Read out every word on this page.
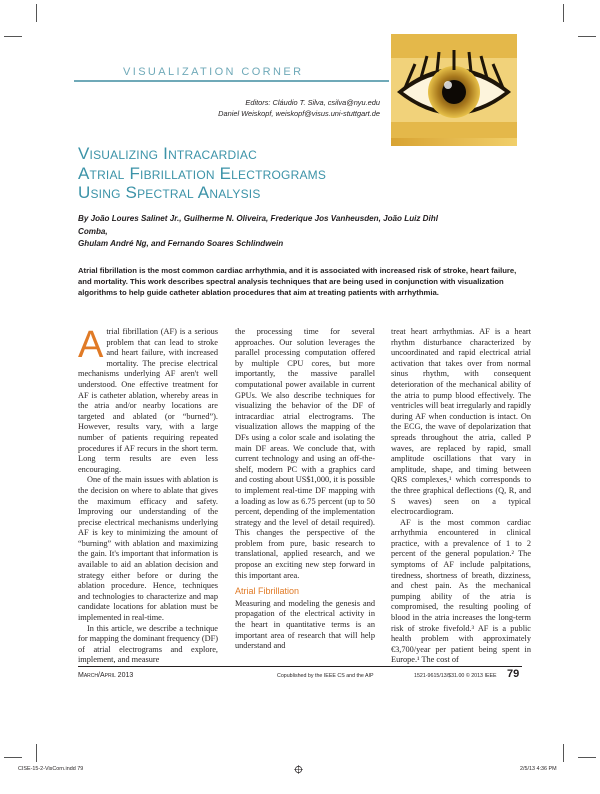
VISUALIZATION CORNER
Editors: Cláudio T. Silva, csilva@nyu.edu
Daniel Weiskopf, weiskopf@visus.uni-stuttgart.de
Visualizing Intracardiac
Atrial Fibrillation Electrograms
Using Spectral Analysis
By João Loures Salinet Jr., Guilherme N. Oliveira, Frederique Jos Vanheusden, João Luiz Dihl Comba,
Ghulam André Ng, and Fernando Soares Schlindwein
Atrial fibrillation is the most common cardiac arrhythmia, and it is associated with increased risk of stroke, heart failure, and mortality. This work describes spectral analysis techniques that are being used in conjunction with visualization algorithms to help guide catheter ablation procedures that aim at treating patients with arrhythmia.

Atrial fibrillation (AF) is a serious problem that can lead to stroke and heart failure, with increased mortality. The precise electrical mechanisms underlying AF aren't well understood. One effective treatment for AF is catheter ablation, whereby areas in the atria and/or nearby locations are targeted and ablated (or “burned”). However, results vary, with a large number of patients requiring repeated procedures if AF recurs in the short term. Long term results are even less encouraging.

One of the main issues with ablation is the decision on where to ablate that gives the maximum efficacy and safety. Improving our understanding of the precise electrical mechanisms underlying AF is key to minimizing the amount of “burning” with ablation and maximizing the gain. It's important that information is available to aid an ablation decision and strategy either before or during the ablation procedure. Hence, techniques and technologies to characterize and map candidate locations for ablation must be implemented in real-time.

In this article, we describe a technique for mapping the dominant frequency (DF) of atrial electrograms and explore, implement, and measure

the processing time for several approaches. Our solution leverages the parallel processing computation offered by multiple CPU cores, but more importantly, the massive parallel computational power available in current GPUs. We also describe techniques for visualizing the behavior of the DF of intracardiac atrial electrograms. The visualization allows the mapping of the DFs using a color scale and isolating the main DF areas. We conclude that, with current technology and using an off-the-shelf, modern PC with a graphics card and costing about US$1,000, it is possible to implement real-time DF mapping with a loading as low as 6.75 percent (up to 50 percent, depending of the implementation strategy and the level of detail required). This changes the perspective of the problem from pure, basic research to translational, applied research, and we propose an exciting new step forward in this important area.

Atrial Fibrillation

Measuring and modeling the genesis and propagation of the electrical activity in the heart in quantitative terms is an important area of research that will help understand and

treat heart arrhythmias. AF is a heart rhythm disturbance characterized by uncoordinated and rapid electrical atrial activation that takes over from normal sinus rhythm, with consequent deterioration of the mechanical ability of the atria to pump blood effectively. The ventricles will beat irregularly and rapidly during AF when conduction is intact. On the ECG, the wave of depolarization that spreads throughout the atria, called P waves, are replaced by rapid, small amplitude oscillations that vary in amplitude, shape, and timing between QRS complexes,¹ which corresponds to the three graphical deflections (Q, R, and S waves) seen on a typical electrocardiogram.

AF is the most common cardiac arrhythmia encountered in clinical practice, with a prevalence of 1 to 2 percent of the general population.² The symptoms of AF include palpitations, tiredness, shortness of breath, dizziness, and chest pain. As the mechanical pumping ability of the atria is compromised, the resulting pooling of blood in the atria increases the long-term risk of stroke fivefold.³ AF is a public health problem with approximately €3,700/year per patient being spent in Europe.¹ The cost of

March/April 2013	Copublished by the IEEE CS and the AIP	1521-9615/13/$31.00 © 2013 IEEE 79
CISE-15-2-VisCorn.indd 79	2/5/13 4:36 PM
